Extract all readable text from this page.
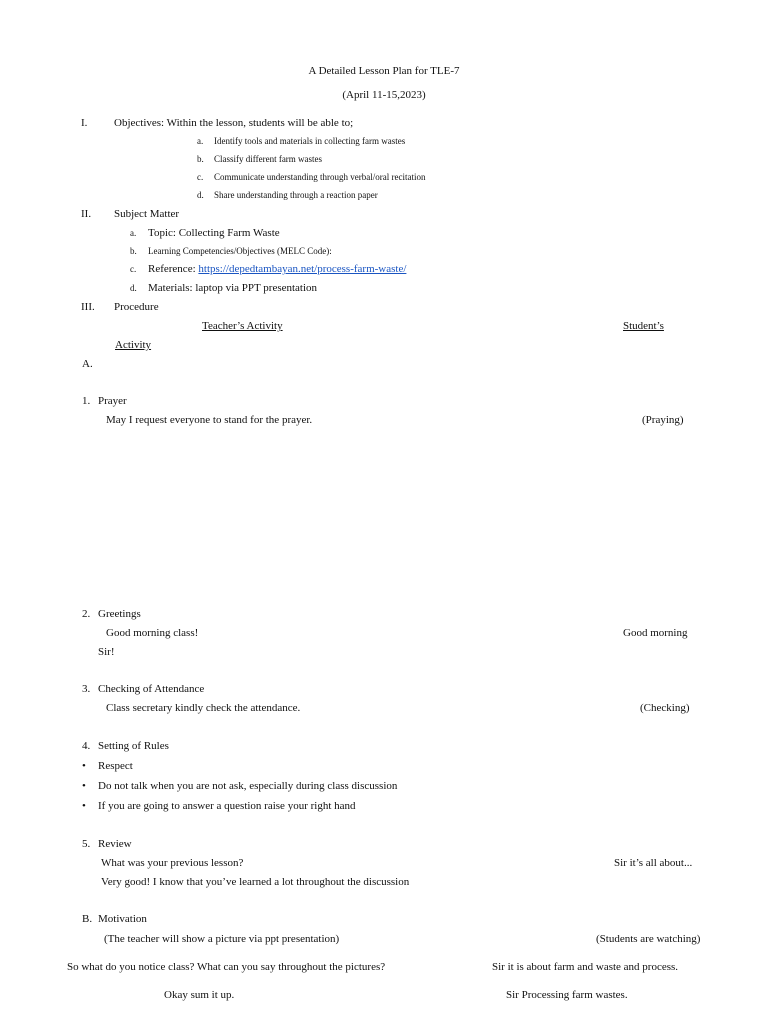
A Detailed Lesson Plan for TLE-7
(April 11-15,2023)
I. Objectives: Within the lesson, students will be able to;
a. Identify tools and materials in collecting farm wastes
b. Classify different farm wastes
c. Communicate understanding through verbal/oral recitation
d. Share understanding through a reaction paper
II. Subject Matter
a. Topic: Collecting Farm Waste
b. Learning Competencies/Objectives (MELC Code):
c. Reference: https://depedtambayan.net/process-farm-waste/
d. Materials: laptop via PPT presentation
III. Procedure
Teacher’s Activity	Student’s
Activity
A.
1. Prayer
May I request everyone to stand for the prayer.	(Praying)
2. Greetings
Good morning class!	Good morning
Sir!
3. Checking of Attendance
Class secretary kindly check the attendance.	(Checking)
4. Setting of Rules
• Respect
• Do not talk when you are not ask, especially during class discussion
• If you are going to answer a question raise your right hand
5. Review
What was your previous lesson?	Sir it’s all about...
Very good! I know that you’ve learned a lot throughout the discussion
B. Motivation
(The teacher will show a picture via ppt presentation)	(Students are watching)
So what do you notice class? What can you say throughout the pictures?	Sir it is about farm and waste and process.
Okay sum it up.	Sir Processing farm wastes.
